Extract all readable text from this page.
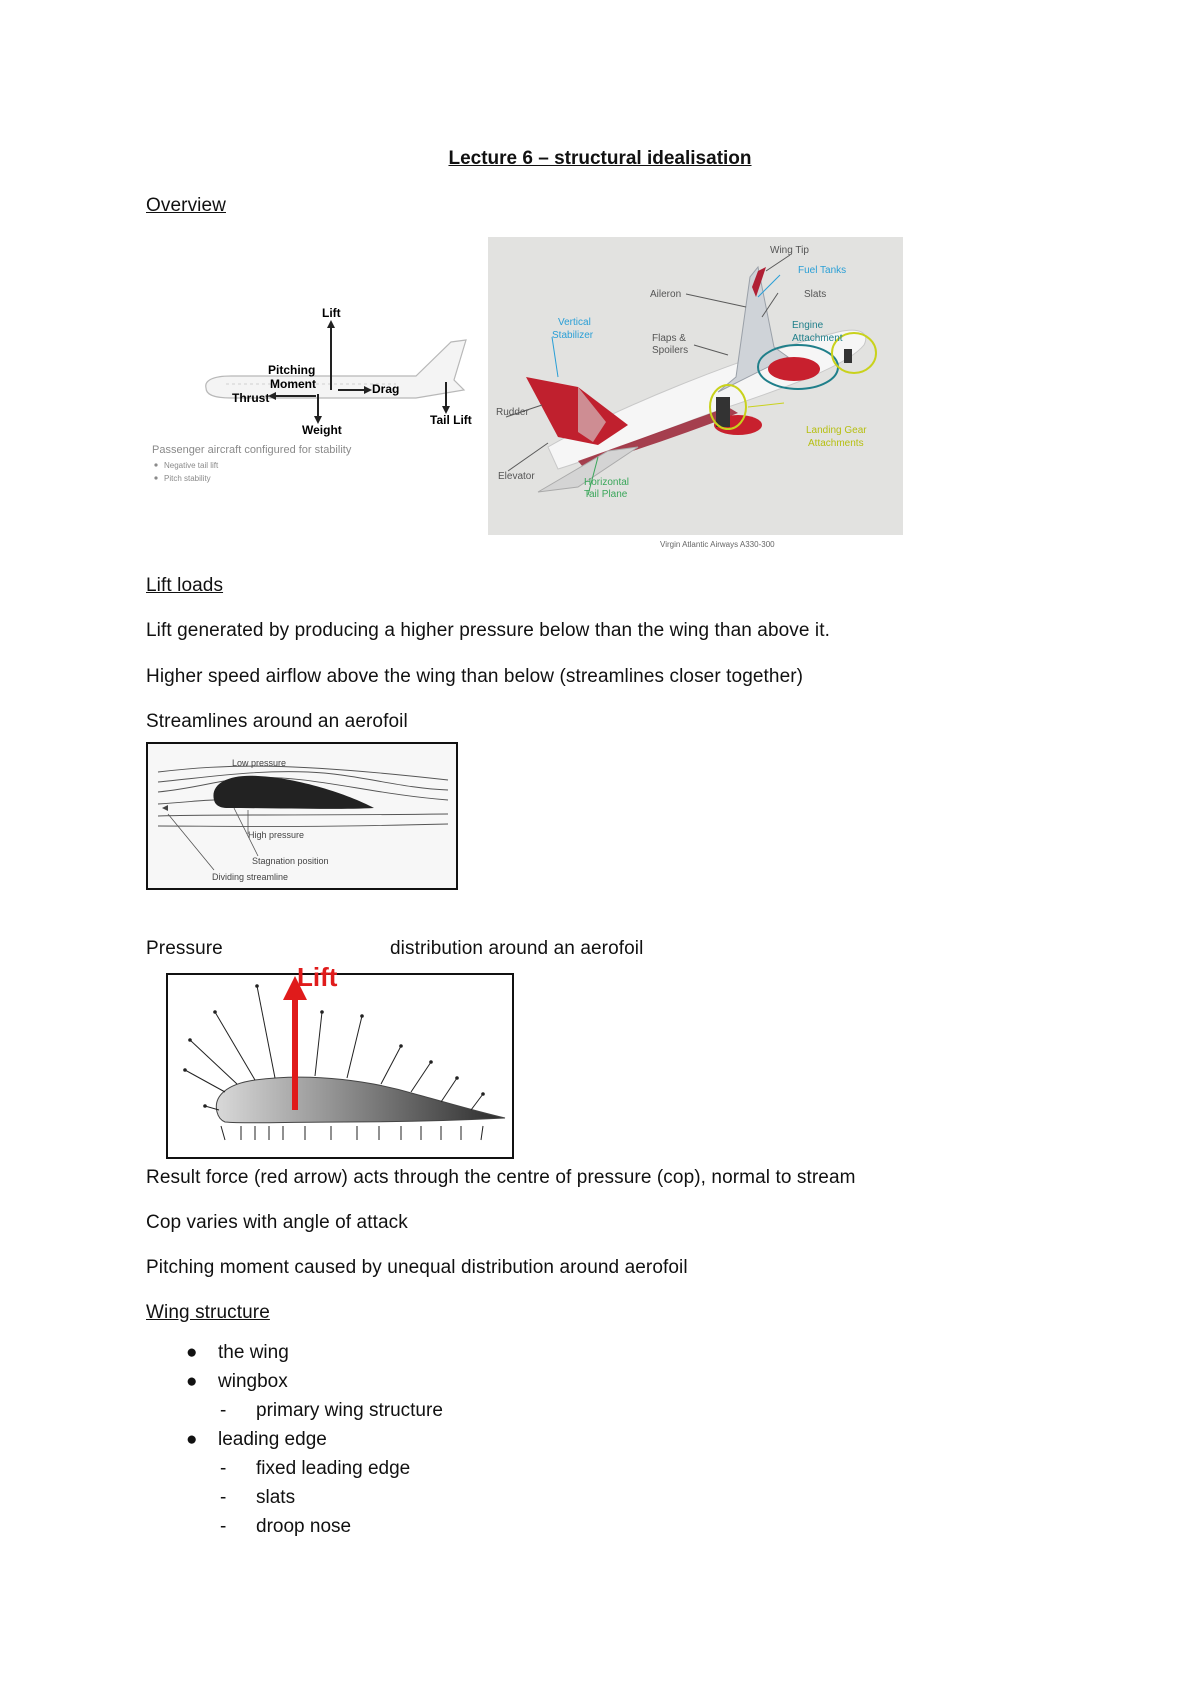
Lecture 6 – structural idealisation
Overview
Lift
Pitching
Moment	Drag
Thrust
Weight
Tail Lift
Passenger aircraft configured for stability
Negative tail lift
Pitch stability
Wing Tip
Fuel Tanks
Aileron	Slats
Vertical
Stabilizer	Flaps &
Spoilers
Engine
Attachment
Rudder
Landing Gear
Attachments
Elevator
Horizontal
Tail Plane
Virgin Atlantic Airways A330-300
Lift loads
Lift generated by producing a higher pressure below than the wing than above it.
Higher speed airflow above the wing than below (streamlines closer together)
Streamlines around an aerofoil
Low pressure
High pressure
Stagnation position
Dividing streamline
Pressure	distribution around an aerofoil
Lift
Result force (red arrow) acts through the centre of pressure (cop), normal to stream
Cop varies with angle of attack
Pitching moment caused by unequal distribution around aerofoil
Wing structure
● the wing
● wingbox
- primary wing structure
● leading edge
- fixed leading edge
- slats
- droop nose
